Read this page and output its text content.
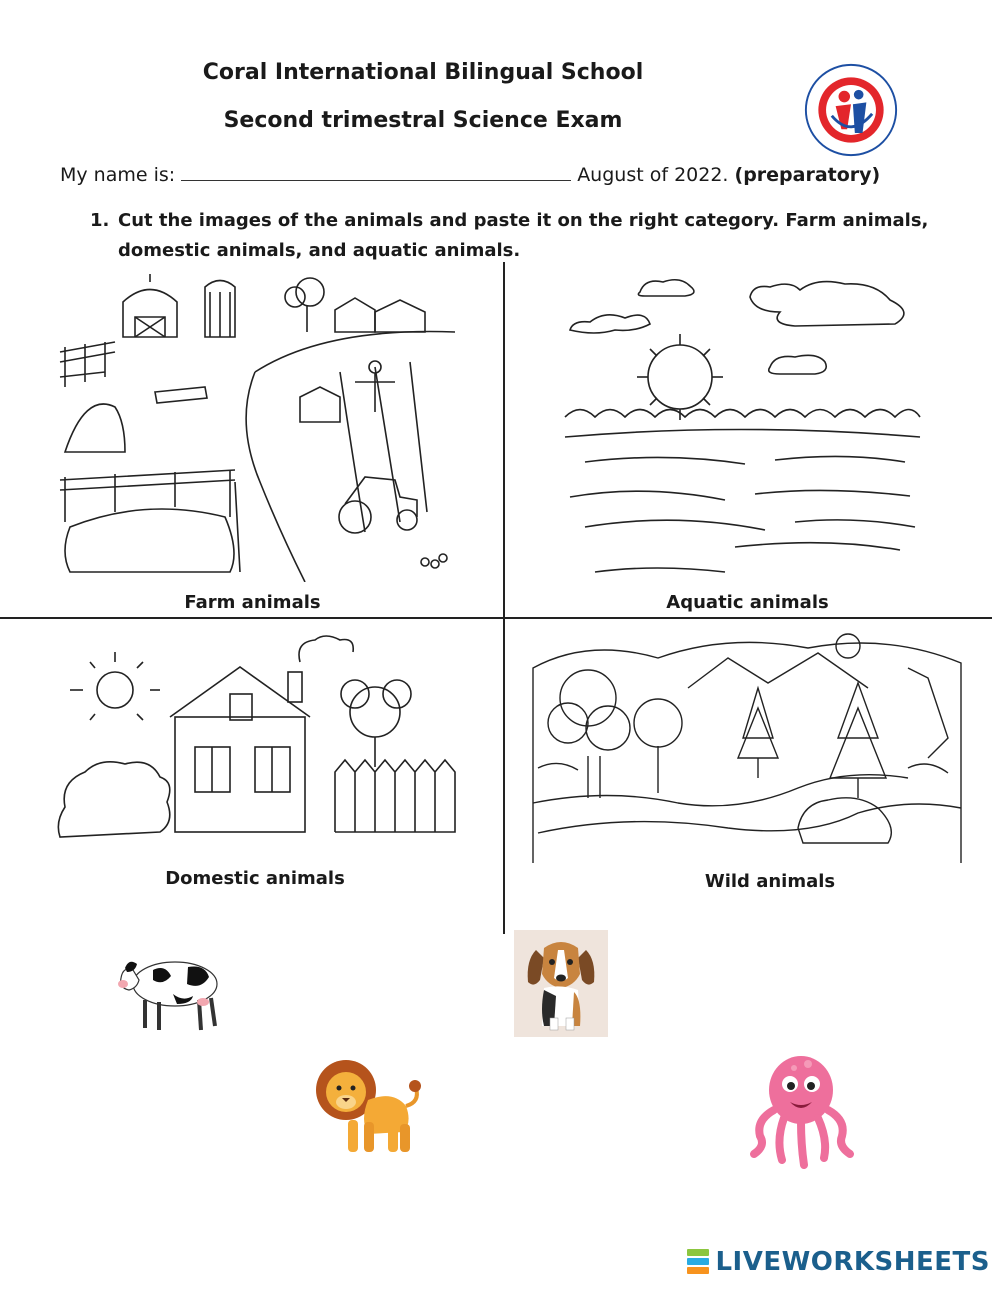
Coral International Bilingual School
Second trimestral Science Exam
My name is:	August of 2022. (preparatory)
1. Cut the images of the animals and paste it on the right category. Farm animals, domestic animals, and aquatic animals.
Farm animals	Aquatic animals
Domestic animals	Wild animals
LIVEWORKSHEETS
